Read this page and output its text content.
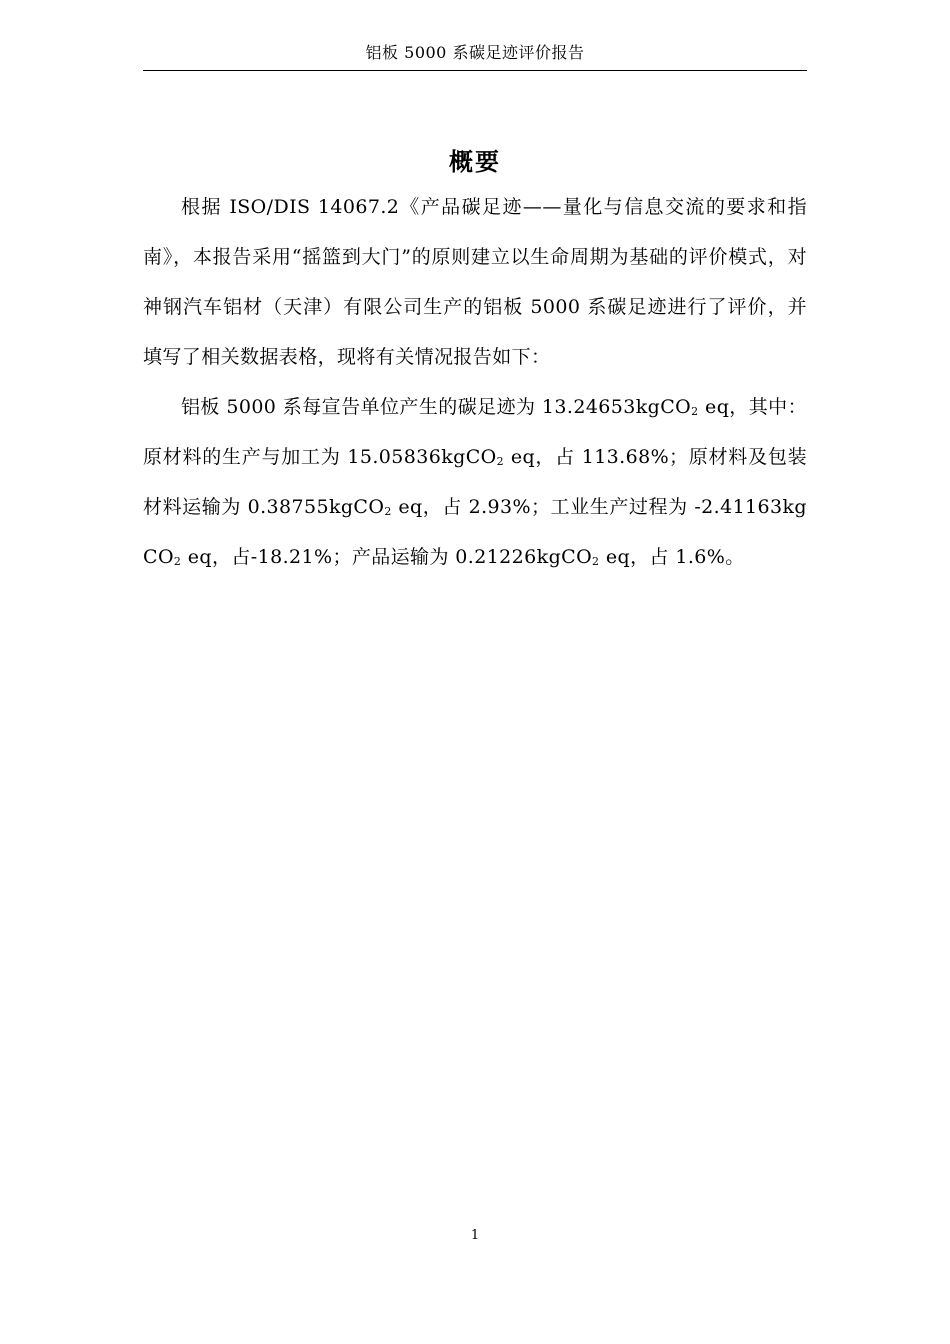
铝板 5000 系碳足迹评价报告
概要

根据 ISO/DIS 14067.2《产品碳足迹——量化与信息交流的要求和指南》，本报告采用“摇篮到大门”的原则建立以生命周期为基础的评价模式，对神钢汽车铝材（天津）有限公司生产的铝板 5000 系碳足迹进行了评价，并填写了相关数据表格，现将有关情况报告如下：

铝板 5000 系每宣告单位产生的碳足迹为 13.24653kgCO$_2$ eq，其中：原材料的生产与加工为 15.05836kgCO$_2$ eq，占 113.68%；原材料及包装材料运输为 0.38755kgCO$_2$ eq，占 2.93%；工业生产过程为 -2.41163kgCO$_2$ eq，占-18.21%；产品运输为 0.21226kgCO$_2$ eq，占 1.6%。

1
